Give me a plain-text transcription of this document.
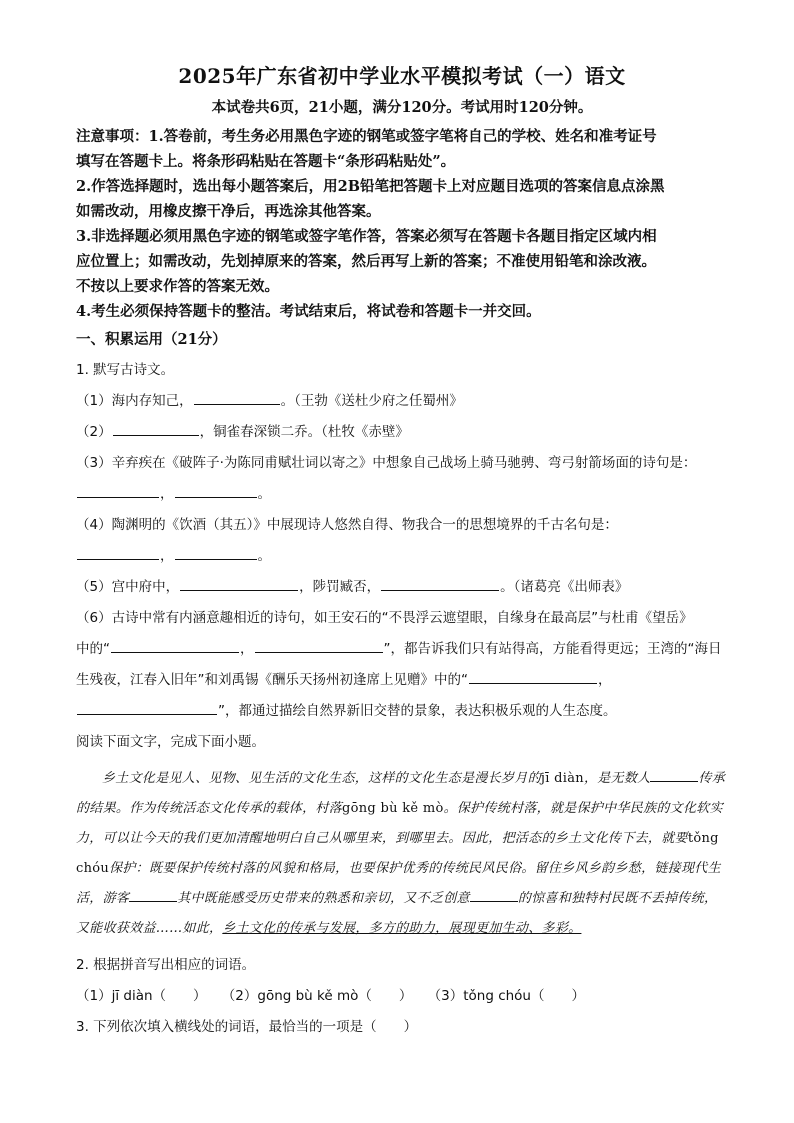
2025年广东省初中学业水平模拟考试（一）语文
本试卷共6页，21小题，满分120分。考试用时120分钟。

注意事项：1.答卷前，考生务必用黑色字迹的钢笔或签字笔将自己的学校、姓名和准考证号

填写在答题卡上。将条形码粘贴在答题卡“条形码粘贴处”。

2.作答选择题时，选出每小题答案后，用2B铅笔把答题卡上对应题目选项的答案信息点涂黑

如需改动，用橡皮擦干净后，再选涂其他答案。

3.非选择题必须用黑色字迹的钢笔或签字笔作答，答案必须写在答题卡各题目指定区域内相

应位置上；如需改动，先划掉原来的答案，然后再写上新的答案；不准使用铅笔和涂改液。

不按以上要求作答的答案无效。

4.考生必须保持答题卡的整洁。考试结束后，将试卷和答题卡一并交回。

一、积累运用（21分）

1. 默写古诗文。

（1）海内存知己，	。（王勃《送杜少府之任蜀州》

（2）	，铜雀春深锁二乔。（杜牧《赤壁》

（3）辛弃疾在《破阵子·为陈同甫赋壮词以寄之》中想象自己战场上骑马驰骋、弯弓射箭场面的诗句是：

，	。

（4）陶渊明的《饮酒（其五）》中展现诗人悠然自得、物我合一的思想境界的千古名句是：

，	。

（5）宫中府中，	，陟罚臧否，	。（诸葛亮《出师表》

（6）古诗中常有内涵意趣相近的诗句，如王安石的“不畏浮云遮望眼，自缘身在最高层”与杜甫《望岳》

中的“	，	”，都告诉我们只有站得高，方能看得更远；王湾的“海日

生残夜，江春入旧年”和刘禹锡《酬乐天扬州初逢席上见赠》中的“	，

”，都通过描绘自然界新旧交替的景象，表达积极乐观的人生态度。

阅读下面文字，完成下面小题。

乡土文化是见人、见物、见生活的文化生态，这样的文化生态是漫长岁月的jī diàn，是无数人	传承的结果。作为传统活态文化传承的载体，村落gōng bù kě mò。保护传统村落，就是保护中华民族的文化软实力，可以让今天的我们更加清醒地明白自己从哪里来，到哪里去。因此，把活态的乡土文化传下去，就要tǒng chóu保护：既要保护传统村落的风貌和格局，也要保护优秀的传统民风民俗。留住乡风乡韵乡愁，链接现代生活，游客	其中既能感受历史带来的熟悉和亲切，又不乏创意	的惊喜和独特村民既不丢掉传统，又能收获效益……如此，乡土文化的传承与发展，多方的助力，展现更加生动、多彩。

2. 根据拼音写出相应的词语。

（1）jī diàn（　　） （2）gōng bù kě mò（　　） （3）tǒng chóu（　　）

3. 下列依次填入横线处的词语，最恰当的一项是（　　）
